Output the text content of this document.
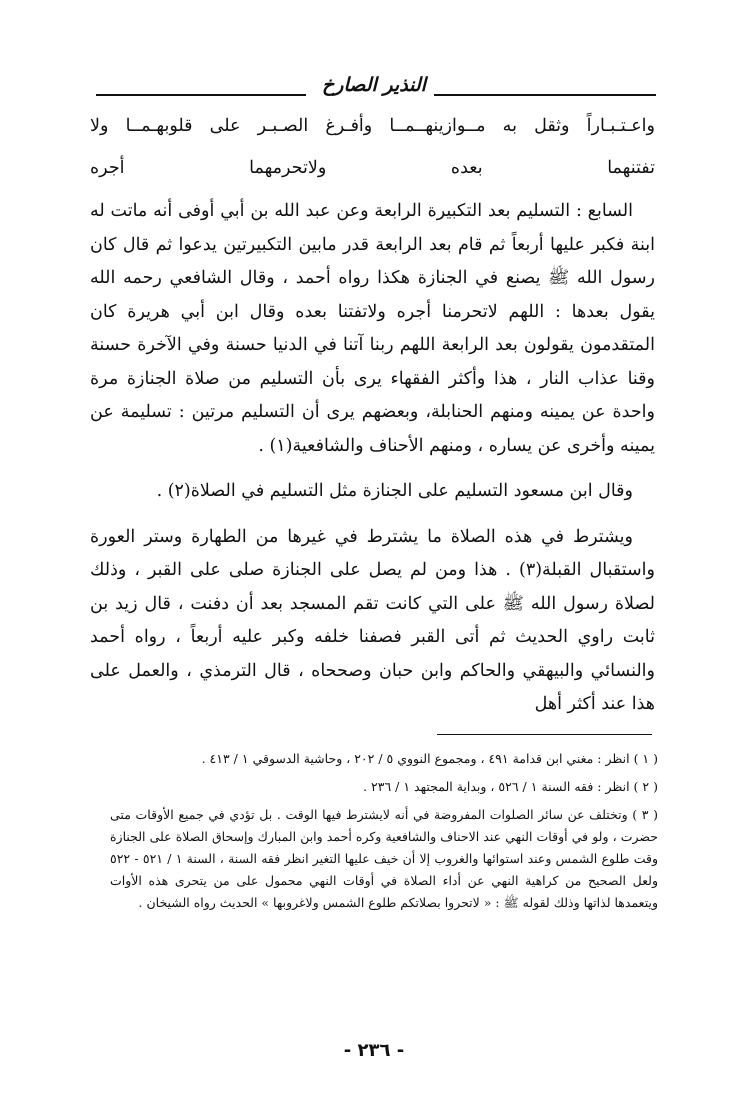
النذير الصارخ

واعـتـبـاراً وثقل به مــوازينهــمــا وأفـرغ الصـبـر على قلوبهـمــا ولا

تفتنهما بعده ولاتحرمهما أجره

السابع : التسليم بعد التكبيرة الرابعة وعن عبد الله بن أبي أوفى أنه ماتت له ابنة فكبر عليها أربعاً ثم قام بعد الرابعة قدر مابين التكبيرتين يدعوا ثم قال كان رسول الله ﷺ يصنع في الجنازة هكذا رواه أحمد ، وقال الشافعي رحمه الله يقول بعدها : اللهم لاتحرمنا أجره ولاتفتنا بعده وقال ابن أبي هريرة كان المتقدمون يقولون بعد الرابعة اللهم ربنا آتنا في الدنيا حسنة وفي الآخرة حسنة وقنا عذاب النار ، هذا وأكثر الفقهاء يرى بأن التسليم من صلاة الجنازة مرة واحدة عن يمينه ومنهم الحنابلة، وبعضهم يرى أن التسليم مرتين : تسليمة عن يمينه وأخرى عن يساره ، ومنهم الأحناف والشافعية(١) .

وقال ابن مسعود التسليم على الجنازة مثل التسليم في الصلاة(٢) .

ويشترط في هذه الصلاة ما يشترط في غيرها من الطهارة وستر العورة واستقبال القبلة(٣) . هذا ومن لم يصل على الجنازة صلى على القبر ، وذلك لصلاة رسول الله ﷺ على التي كانت تقم المسجد بعد أن دفنت ، قال زيد بن ثابت راوي الحديث ثم أتى القبر فصفنا خلفه وكبر عليه أربعاً ، رواه أحمد والنسائي والبيهقي والحاكم وابن حبان وصححاه ، قال الترمذي ، والعمل على هذا عند أكثر أهل

( ١ ) انظر : مغني ابن قدامة ٤٩١ ، ومجموع النووي ٥ / ٢٠٢ ، وحاشية الدسوقي ١ / ٤١٣ .

( ٢ ) انظر : فقه السنة ١ / ٥٢٦ ، وبداية المجتهد ١ / ٢٣٦ .

( ٣ ) وتختلف عن سائر الصلوات المفروضة في أنه لايشترط فيها الوقت . بل تؤدي في جميع الأوقات متى حضرت ، ولو في أوقات النهي عند الاحناف والشافعية وكره أحمد وابن المبارك وإسحاق الصلاة على الجنازة وقت طلوع الشمس وعند استوائها والغروب إلا أن خيف عليها التغير انظر فقه السنة ، السنة ١ / ٥٢١ - ٥٢٢ ولعل الصحيح من كراهية النهي عن أداء الصلاة في أوقات النهي محمول على من يتحرى هذه الأوات ويتعمدها لذاتها وذلك لقوله ﷺ : « لاتحروا بصلاتكم طلوع الشمس ولاغروبها » الحديث رواه الشيخان .

- ٢٣٦ -
